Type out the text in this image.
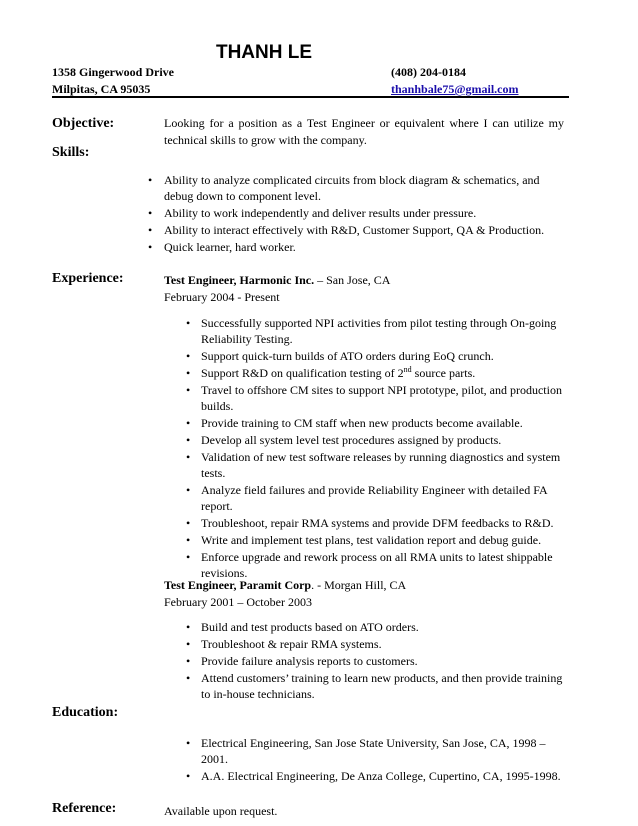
THANH LE
1358 Gingerwood Drive
Milpitas, CA 95035
(408) 204-0184
thanhbale75@gmail.com
Objective:	Looking for a position as a Test Engineer or equivalent where I can utilize my technical skills to grow with the company.
Skills:
• Ability to analyze complicated circuits from block diagram & schematics, and debug down to component level.
• Ability to work independently and deliver results under pressure.
• Ability to interact effectively with R&D, Customer Support, QA & Production.
• Quick learner, hard worker.
Experience:	Test Engineer, Harmonic Inc. – San Jose, CA
February 2004 - Present
• Successfully supported NPI activities from pilot testing through On-going Reliability Testing.
• Support quick-turn builds of ATO orders during EoQ crunch.
• Support R&D on qualification testing of 2nd source parts.
• Travel to offshore CM sites to support NPI prototype, pilot, and production builds.
• Provide training to CM staff when new products become available.
• Develop all system level test procedures assigned by products.
• Validation of new test software releases by running diagnostics and system tests.
• Analyze field failures and provide Reliability Engineer with detailed FA report.
• Troubleshoot, repair RMA systems and provide DFM feedbacks to R&D.
• Write and implement test plans, test validation report and debug guide.
• Enforce upgrade and rework process on all RMA units to latest shippable revisions.
Test Engineer, Paramit Corp. - Morgan Hill, CA
February 2001 – October 2003
• Build and test products based on ATO orders.
• Troubleshoot & repair RMA systems.
• Provide failure analysis reports to customers.
• Attend customers’ training to learn new products, and then provide training to in-house technicians.
Education:
• Electrical Engineering, San Jose State University, San Jose, CA, 1998 – 2001.
• A.A. Electrical Engineering, De Anza College, Cupertino, CA, 1995-1998.
Reference:	Available upon request.
